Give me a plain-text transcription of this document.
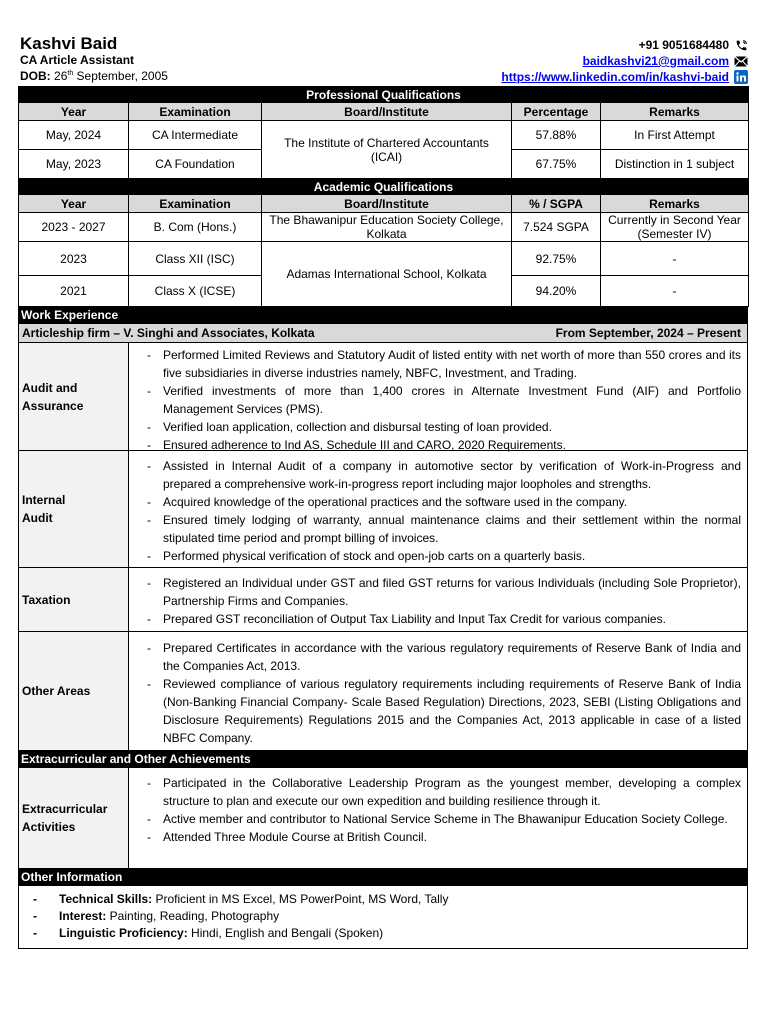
Kashvi Baid
CA Article Assistant
DOB: 26th September, 2005
+91 9051684480
baidkashvi21@gmail.com
https://www.linkedin.com/in/kashvi-baid
Professional Qualifications				
Year	Examination	Board/Institute	Percentage	Remarks
May, 2024	CA Intermediate	The Institute of Chartered Accountants (ICAI)	57.88%	In First Attempt
May, 2023	CA Foundation		67.75%	Distinction in 1 subject
Academic Qualifications				
Year	Examination	Board/Institute	% / SGPA	Remarks
2023 - 2027	B. Com (Hons.)	The Bhawanipur Education Society College, Kolkata	7.524 SGPA	Currently in Second Year (Semester IV)
2023	Class XII (ISC)	Adamas International School, Kolkata	92.75%	-
2021	Class X (ICSE)		94.20%	-
Work Experience
Articleship firm – V. Singhi and Associates, Kolkata	From September, 2024 – Present
Audit and Assurance
-	Performed Limited Reviews and Statutory Audit of listed entity with net worth of more than 550 crores and its five subsidiaries in diverse industries namely, NBFC, Investment, and Trading.
-	Verified investments of more than 1,400 crores in Alternate Investment Fund (AIF) and Portfolio Management Services (PMS).
-	Verified loan application, collection and disbursal testing of loan provided.
-	Ensured adherence to Ind AS, Schedule III and CARO, 2020 Requirements.
Internal Audit
-	Assisted in Internal Audit of a company in automotive sector by verification of Work-in-Progress and prepared a comprehensive work-in-progress report including major loopholes and strengths.
-	Acquired knowledge of the operational practices and the software used in the company.
-	Ensured timely lodging of warranty, annual maintenance claims and their settlement within the normal stipulated time period and prompt billing of invoices.
-	Performed physical verification of stock and open-job carts on a quarterly basis.
Taxation
-	Registered an Individual under GST and filed GST returns for various Individuals (including Sole Proprietor), Partnership Firms and Companies.
-	Prepared GST reconciliation of Output Tax Liability and Input Tax Credit for various companies.
Other Areas
-	Prepared Certificates in accordance with the various regulatory requirements of Reserve Bank of India and the Companies Act, 2013.
-	Reviewed compliance of various regulatory requirements including requirements of Reserve Bank of India (Non-Banking Financial Company- Scale Based Regulation) Directions, 2023, SEBI (Listing Obligations and Disclosure Requirements) Regulations 2015 and the Companies Act, 2013 applicable in case of a listed NBFC Company.
Extracurricular and Other Achievements
Extracurricular Activities
-	Participated in the Collaborative Leadership Program as the youngest member, developing a complex structure to plan and execute our own expedition and building resilience through it.
-	Active member and contributor to National Service Scheme in The Bhawanipur Education Society College.
-	Attended Three Module Course at British Council.
Other Information
-	Technical Skills: Proficient in MS Excel, MS PowerPoint, MS Word, Tally
-	Interest: Painting, Reading, Photography
-	Linguistic Proficiency: Hindi, English and Bengali (Spoken)
